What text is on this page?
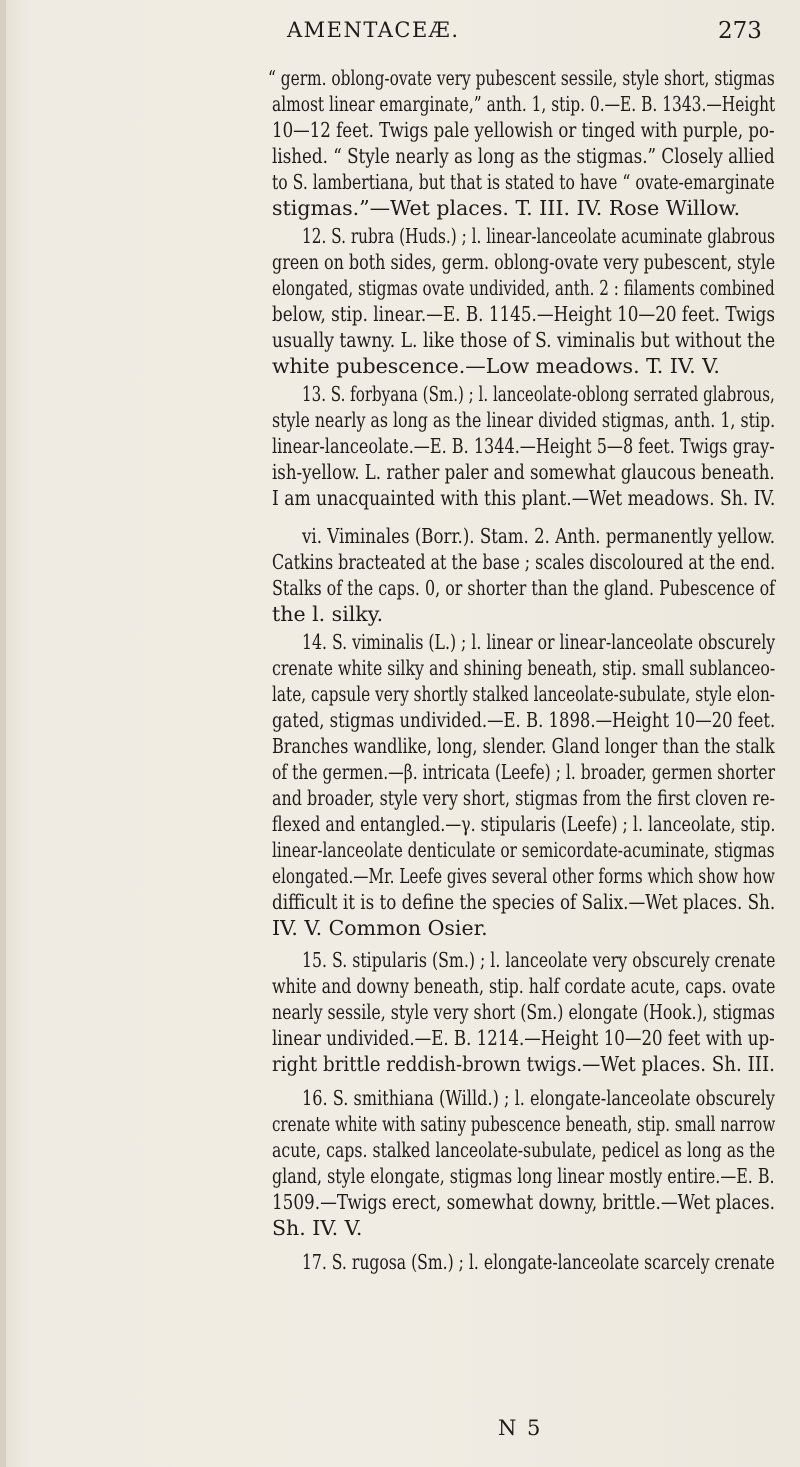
AMENTACEÆ.	273
“ germ. oblong-ovate very pubescent sessile, style short, stigmas
almost linear emarginate,” anth. 1, stip. 0.—E. B. 1343.—Height
10—12 feet. Twigs pale yellowish or tinged with purple, po-
lished. “ Style nearly as long as the stigmas.” Closely allied
to S. lambertiana, but that is stated to have “ ovate-emarginate
stigmas.”—Wet places. T. III. IV. Rose Willow.
12. S. rubra (Huds.) ; l. linear-lanceolate acuminate glabrous
green on both sides, germ. oblong-ovate very pubescent, style
elongated, stigmas ovate undivided, anth. 2 : filaments combined
below, stip. linear.—E. B. 1145.—Height 10—20 feet. Twigs
usually tawny. L. like those of S. viminalis but without the
white pubescence.—Low meadows. T. IV. V.
13. S. forbyana (Sm.) ; l. lanceolate-oblong serrated glabrous,
style nearly as long as the linear divided stigmas, anth. 1, stip.
linear-lanceolate.—E. B. 1344.—Height 5—8 feet. Twigs gray-
ish-yellow. L. rather paler and somewhat glaucous beneath.
I am unacquainted with this plant.—Wet meadows. Sh. IV.
vi. Viminales (Borr.). Stam. 2. Anth. permanently yellow.
Catkins bracteated at the base ; scales discoloured at the end.
Stalks of the caps. 0, or shorter than the gland. Pubescence of
the l. silky.
14. S. viminalis (L.) ; l. linear or linear-lanceolate obscurely
crenate white silky and shining beneath, stip. small sublanceo-
late, capsule very shortly stalked lanceolate-subulate, style elon-
gated, stigmas undivided.—E. B. 1898.—Height 10—20 feet.
Branches wandlike, long, slender. Gland longer than the stalk
of the germen.—β. intricata (Leefe) ; l. broader, germen shorter
and broader, style very short, stigmas from the first cloven re-
flexed and entangled.—γ. stipularis (Leefe) ; l. lanceolate, stip.
linear-lanceolate denticulate or semicordate-acuminate, stigmas
elongated.—Mr. Leefe gives several other forms which show how
difficult it is to define the species of Salix.—Wet places. Sh.
IV. V. Common Osier.
15. S. stipularis (Sm.) ; l. lanceolate very obscurely crenate
white and downy beneath, stip. half cordate acute, caps. ovate
nearly sessile, style very short (Sm.) elongate (Hook.), stigmas
linear undivided.—E. B. 1214.—Height 10—20 feet with up-
right brittle reddish-brown twigs.—Wet places. Sh. III.
16. S. smithiana (Willd.) ; l. elongate-lanceolate obscurely
crenate white with satiny pubescence beneath, stip. small narrow
acute, caps. stalked lanceolate-subulate, pedicel as long as the
gland, style elongate, stigmas long linear mostly entire.—E. B.
1509.—Twigs erect, somewhat downy, brittle.—Wet places.
Sh. IV. V.
17. S. rugosa (Sm.) ; l. elongate-lanceolate scarcely crenate
N 5
